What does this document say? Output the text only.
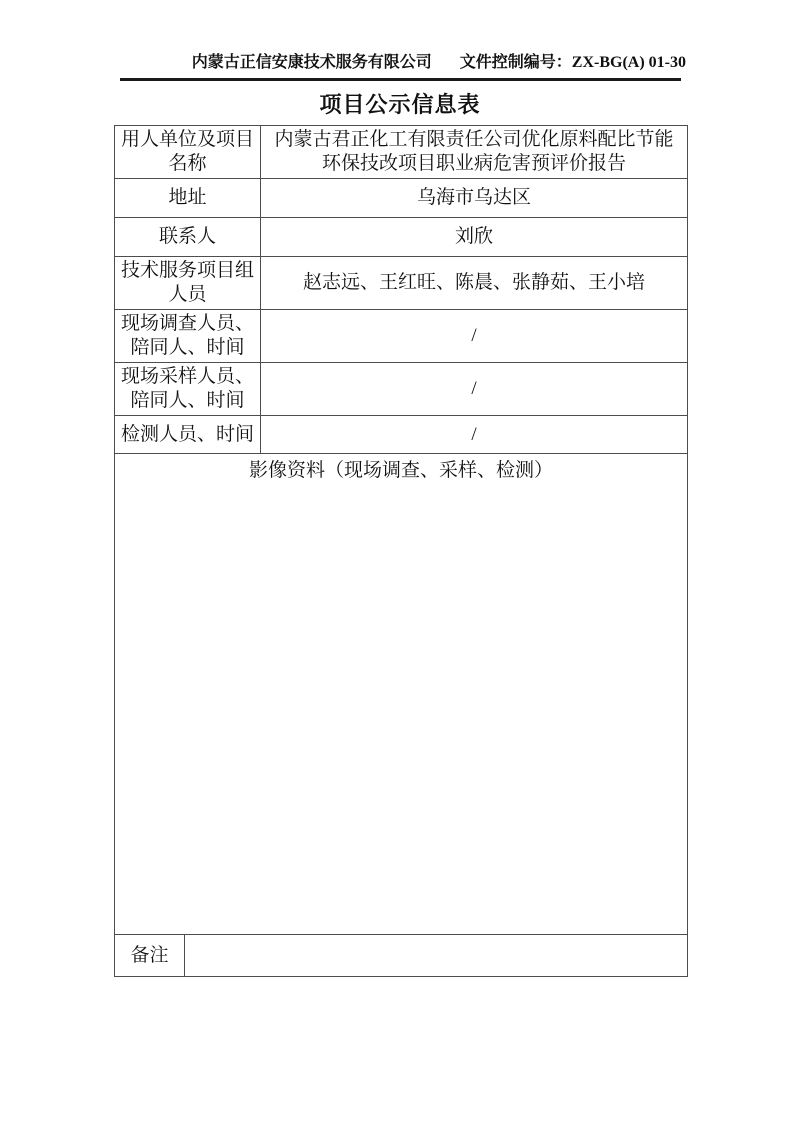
内蒙古正信安康技术服务有限公司 文件控制编号：ZX-BG(A) 01-30
项目公示信息表
用人单位及项目名称		内蒙古君正化工有限责任公司优化原料配比节能环保技改项目职业病危害预评价报告
地址		乌海市乌达区
联系人		刘欣
技术服务项目组人员		赵志远、王红旺、陈晨、张静茹、王小培
现场调查人员、陪同人、时间		/
现场采样人员、陪同人、时间		/
检测人员、时间		/
影像资料（现场调查、采样、检测）		
备注		
